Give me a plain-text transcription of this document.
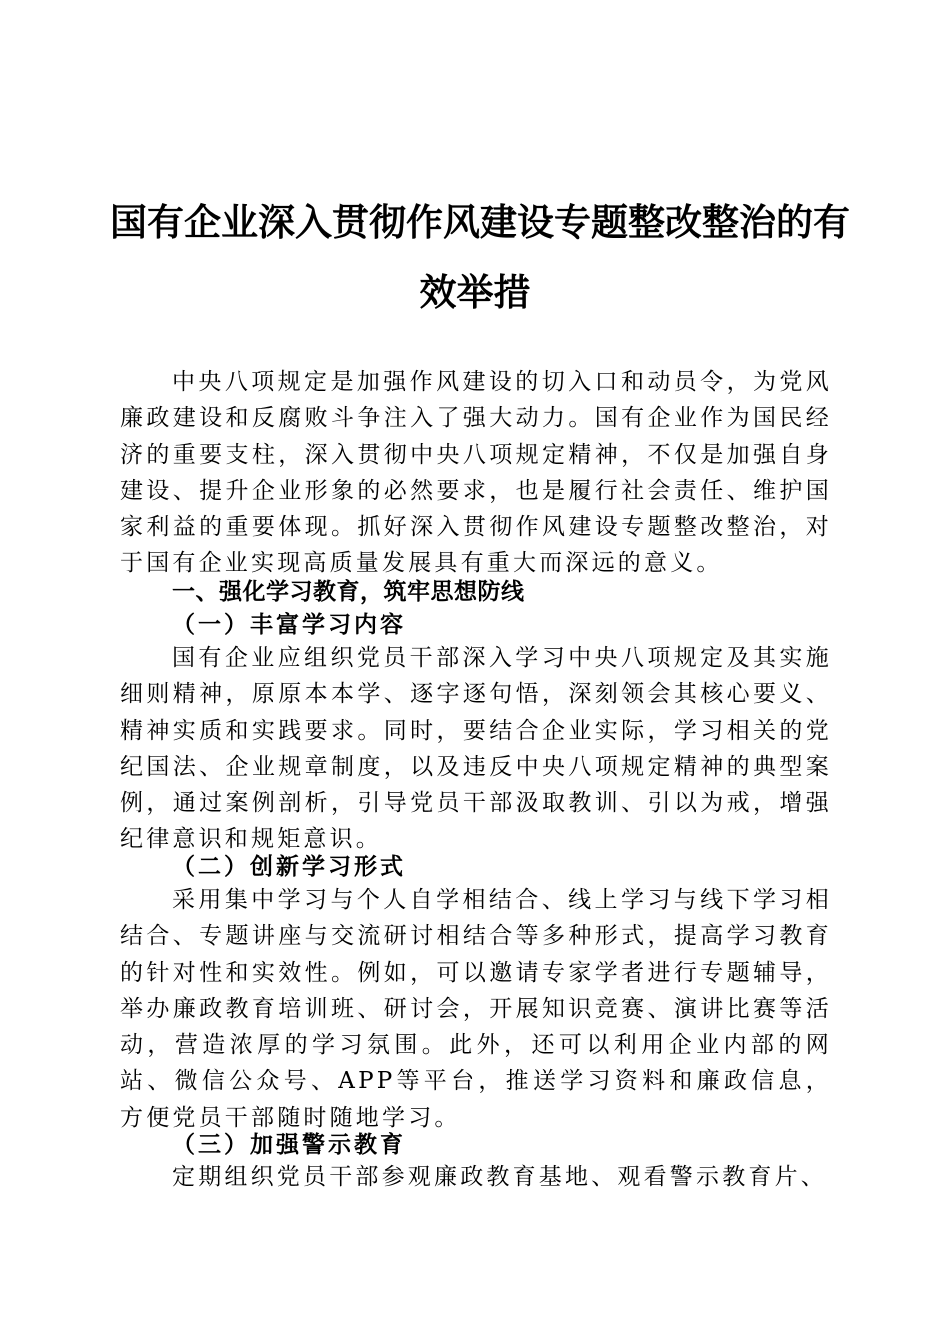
国有企业深入贯彻作风建设专题整改整治的有
效举措

中央八项规定是加强作风建设的切入口和动员令，为党风廉政建设和反腐败斗争注入了强大动力。国有企业作为国民经济的重要支柱，深入贯彻中央八项规定精神，不仅是加强自身建设、提升企业形象的必然要求，也是履行社会责任、维护国家利益的重要体现。抓好深入贯彻作风建设专题整改整治，对于国有企业实现高质量发展具有重大而深远的意义。

一、强化学习教育，筑牢思想防线
（一）丰富学习内容

国有企业应组织党员干部深入学习中央八项规定及其实施细则精神，原原本本学、逐字逐句悟，深刻领会其核心要义、精神实质和实践要求。同时，要结合企业实际，学习相关的党纪国法、企业规章制度，以及违反中央八项规定精神的典型案例，通过案例剖析，引导党员干部汲取教训、引以为戒，增强纪律意识和规矩意识。

（二）创新学习形式

采用集中学习与个人自学相结合、线上学习与线下学习相结合、专题讲座与交流研讨相结合等多种形式，提高学习教育的针对性和实效性。例如，可以邀请专家学者进行专题辅导，举办廉政教育培训班、研讨会，开展知识竞赛、演讲比赛等活动，营造浓厚的学习氛围。此外，还可以利用企业内部的网站、微信公众号、APP等平台，推送学习资料和廉政信息，方便党员干部随时随地学习。

（三）加强警示教育

定期组织党员干部参观廉政教育基地、观看警示教育片、
